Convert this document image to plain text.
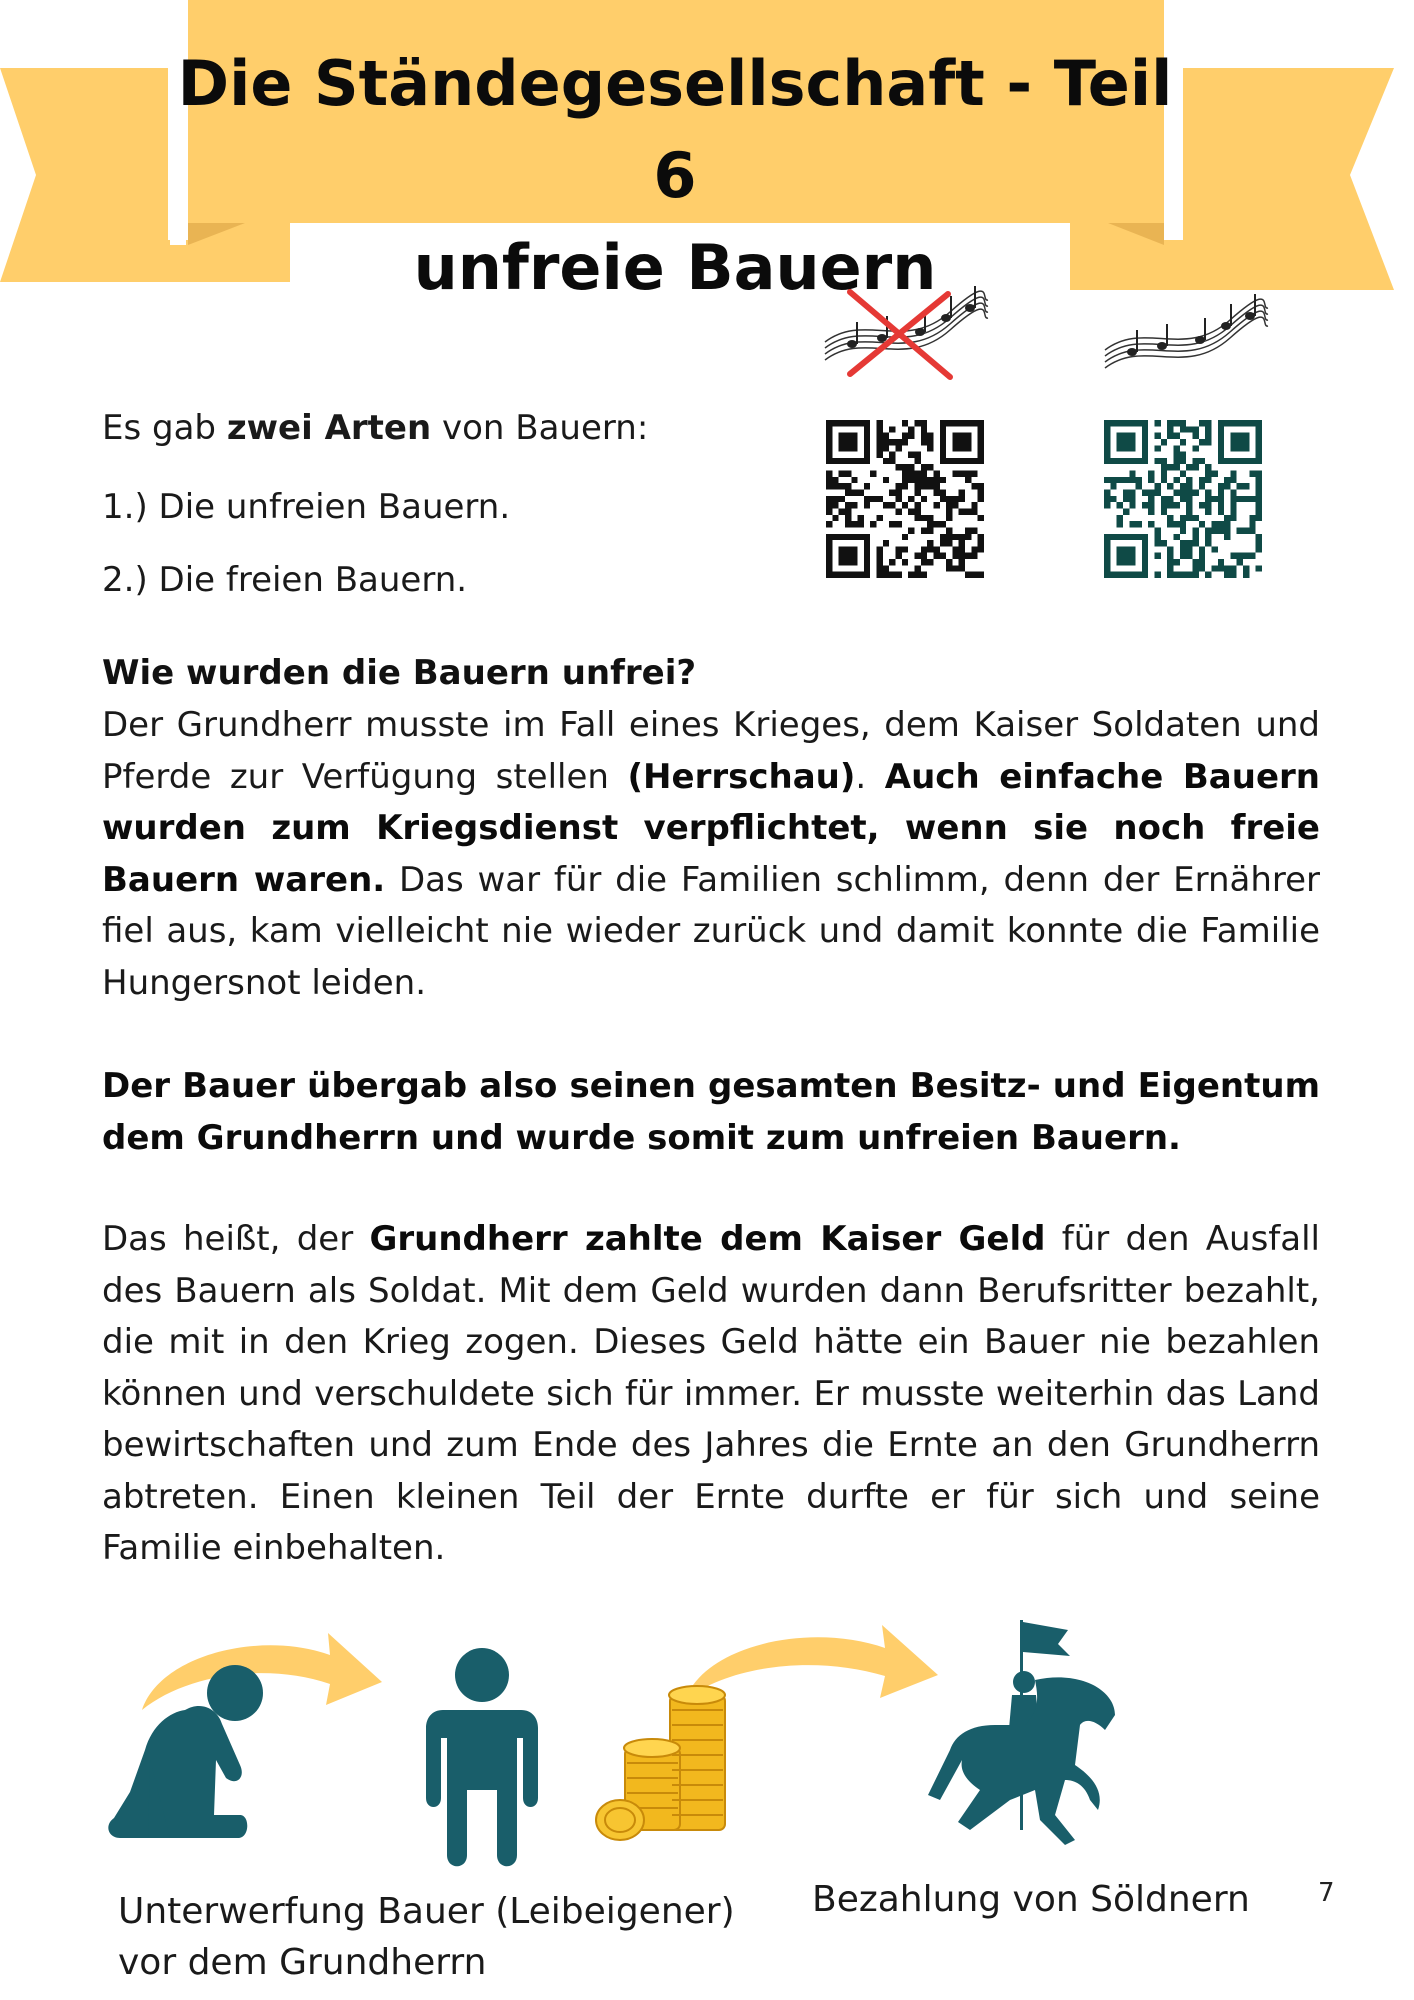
Die Ständegesellschaft - Teil 6
unfreie Bauern
Es gab zwei Arten von Bauern:
1.) Die unfreien Bauern.
2.) Die freien Bauern.
Wie wurden die Bauern unfrei?
Der Grundherr musste im Fall eines Krieges, dem Kaiser Soldaten und Pferde zur Verfügung stellen (Herrschau). Auch einfache Bauern wurden zum Kriegsdienst verpflichtet, wenn sie noch freie Bauern waren. Das war für die Familien schlimm, denn der Ernährer fiel aus, kam vielleicht nie wieder zurück und damit konnte die Familie Hungersnot leiden.
Der Bauer übergab also seinen gesamten Besitz- und Eigentum dem Grundherrn und wurde somit zum unfreien Bauern.
Das heißt, der Grundherr zahlte dem Kaiser Geld für den Ausfall des Bauern als Soldat. Mit dem Geld wurden dann Berufsritter bezahlt, die mit in den Krieg zogen. Dieses Geld hätte ein Bauer nie bezahlen können und verschuldete sich für immer. Er musste weiterhin das Land bewirtschaften und zum Ende des Jahres die Ernte an den Grundherrn abtreten. Einen kleinen Teil der Ernte durfte er für sich und seine Familie einbehalten.
Unterwerfung Bauer (Leibeigener)
vor dem Grundherrn
Bezahlung von Söldnern	7
